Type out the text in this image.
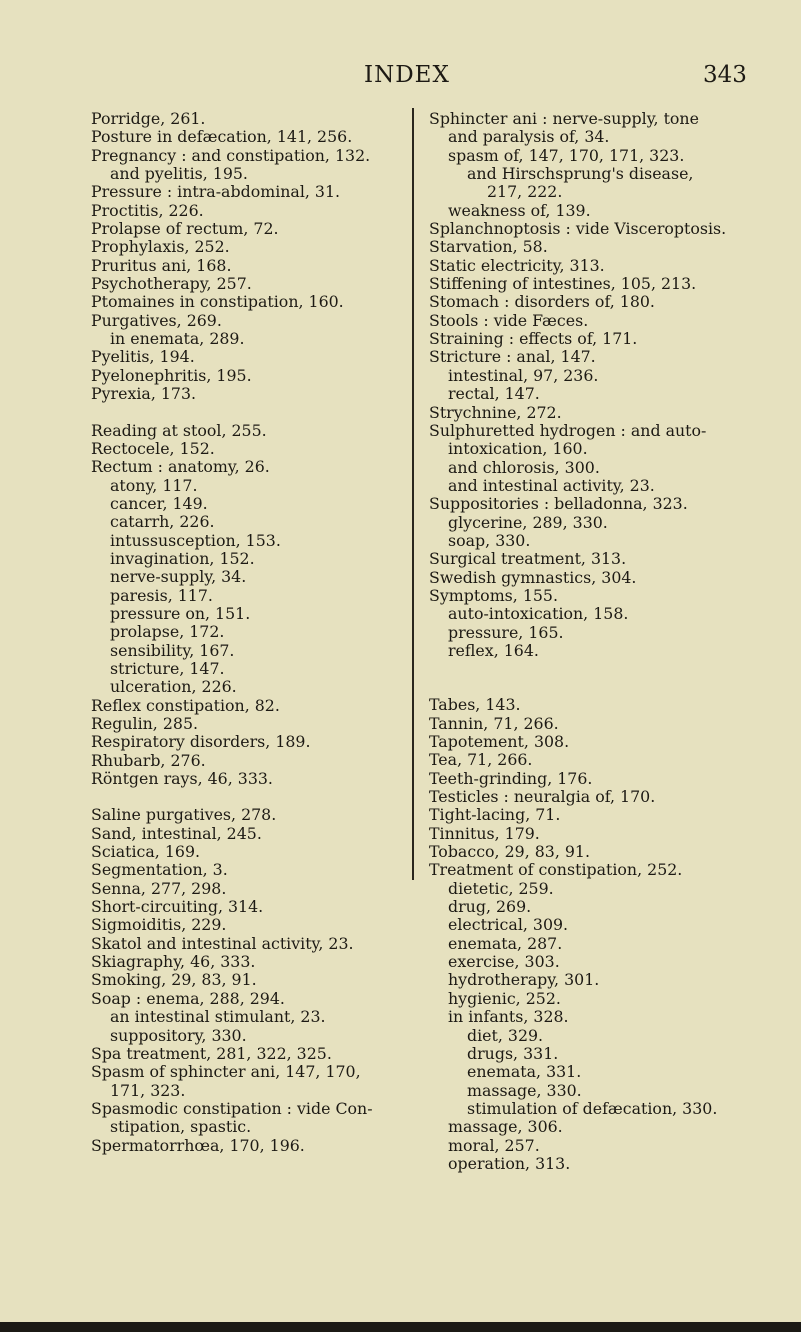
INDEX	343
Porridge, 261.
Posture in defæcation, 141, 256.
Pregnancy : and constipation, 132.
and pyelitis, 195.
Pressure : intra-abdominal, 31.
Proctitis, 226.
Prolapse of rectum, 72.
Prophylaxis, 252.
Pruritus ani, 168.
Psychotherapy, 257.
Ptomaines in constipation, 160.
Purgatives, 269.
in enemata, 289.
Pyelitis, 194.
Pyelonephritis, 195.
Pyrexia, 173.
Reading at stool, 255.
Rectocele, 152.
Rectum : anatomy, 26.
atony, 117.
cancer, 149.
catarrh, 226.
intussusception, 153.
invagination, 152.
nerve-supply, 34.
paresis, 117.
pressure on, 151.
prolapse, 172.
sensibility, 167.
stricture, 147.
ulceration, 226.
Reflex constipation, 82.
Regulin, 285.
Respiratory disorders, 189.
Rhubarb, 276.
Röntgen rays, 46, 333.
Saline purgatives, 278.
Sand, intestinal, 245.
Sciatica, 169.
Segmentation, 3.
Senna, 277, 298.
Short-circuiting, 314.
Sigmoiditis, 229.
Skatol and intestinal activity, 23.
Skiagraphy, 46, 333.
Smoking, 29, 83, 91.
Soap : enema, 288, 294.
an intestinal stimulant, 23.
suppository, 330.
Spa treatment, 281, 322, 325.
Spasm of sphincter ani, 147, 170,
171, 323.
Spasmodic constipation : vide Con-
stipation, spastic.
Spermatorrhœa, 170, 196.
Sphincter ani : nerve-supply, tone
and paralysis of, 34.
spasm of, 147, 170, 171, 323.
and Hirschsprung's disease,
217, 222.
weakness of, 139.
Splanchnoptosis : vide Visceroptosis.
Starvation, 58.
Static electricity, 313.
Stiffening of intestines, 105, 213.
Stomach : disorders of, 180.
Stools : vide Fæces.
Straining : effects of, 171.
Stricture : anal, 147.
intestinal, 97, 236.
rectal, 147.
Strychnine, 272.
Sulphuretted hydrogen : and auto-
intoxication, 160.
and chlorosis, 300.
and intestinal activity, 23.
Suppositories : belladonna, 323.
glycerine, 289, 330.
soap, 330.
Surgical treatment, 313.
Swedish gymnastics, 304.
Symptoms, 155.
auto-intoxication, 158.
pressure, 165.
reflex, 164.
Tabes, 143.
Tannin, 71, 266.
Tapotement, 308.
Tea, 71, 266.
Teeth-grinding, 176.
Testicles : neuralgia of, 170.
Tight-lacing, 71.
Tinnitus, 179.
Tobacco, 29, 83, 91.
Treatment of constipation, 252.
dietetic, 259.
drug, 269.
electrical, 309.
enemata, 287.
exercise, 303.
hydrotherapy, 301.
hygienic, 252.
in infants, 328.
diet, 329.
drugs, 331.
enemata, 331.
massage, 330.
stimulation of defæcation, 330.
massage, 306.
moral, 257.
operation, 313.
